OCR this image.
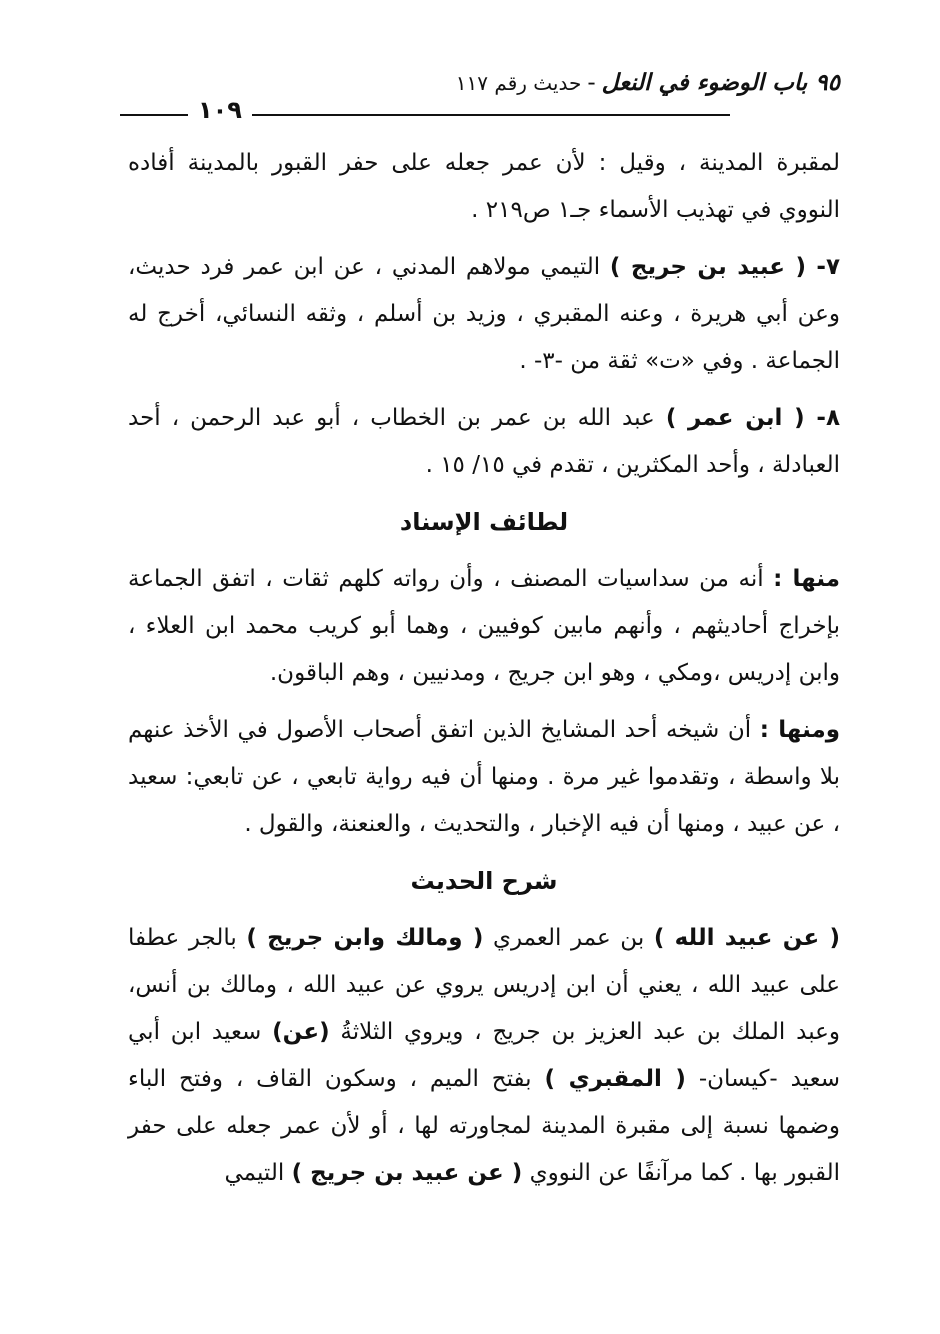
٩٥ باب الوضوء في النعل-حديث رقم ١١٧
١٠٩

لمقبرة المدينة ، وقيل : لأن عمر جعله على حفر القبور بالمدينة أفاده النووي في تهذيب الأسماء جـ١ ص٢١٩ .

٧- ( عبيد بن جريج ) التيمي مولاهم المدني ، عن ابن عمر فرد حديث، وعن أبي هريرة ، وعنه المقبري ، وزيد بن أسلم ، وثقه النسائي، أخرج له الجماعة . وفي «ت» ثقة من -٣- .

٨- ( ابن عمر ) عبد الله بن عمر بن الخطاب ، أبو عبد الرحمن ، أحد العبادلة ، وأحد المكثرين ، تقدم في ١٥/ ١٥ .

لطائف الإسناد

منها : أنه من سداسيات المصنف ، وأن رواته كلهم ثقات ، اتفق الجماعة بإخراج أحاديثهم ، وأنهم مابين كوفيين ، وهما أبو كريب محمد ابن العلاء ، وابن إدريس ،ومكي ، وهو ابن جريج ، ومدنيين ، وهم الباقون.

ومنها : أن شيخه أحد المشايخ الذين اتفق أصحاب الأصول في الأخذ عنهم بلا واسطة ، وتقدموا غير مرة . ومنها أن فيه رواية تابعي ، عن تابعي: سعيد ، عن عبيد ، ومنها أن فيه الإخبار ، والتحديث ، والعنعنة، والقول .

شرح الحديث

( عن عبيد الله ) بن عمر العمري ( ومالك وابن جريج ) بالجر عطفا على عبيد الله ، يعني أن ابن إدريس يروي عن عبيد الله ، ومالك بن أنس، وعبد الملك بن عبد العزيز بن جريج ، ويروي الثلاثةُ (عن) سعيد ابن أبي سعيد -كيسان- ( المقبري ) بفتح الميم ، وسكون القاف ، وفتح الباء وضمها نسبة إلى مقبرة المدينة لمجاورته لها ، أو لأن عمر جعله على حفر القبور بها . كما مرآنفًا عن النووي ( عن عبيد بن جريج ) التيمي
